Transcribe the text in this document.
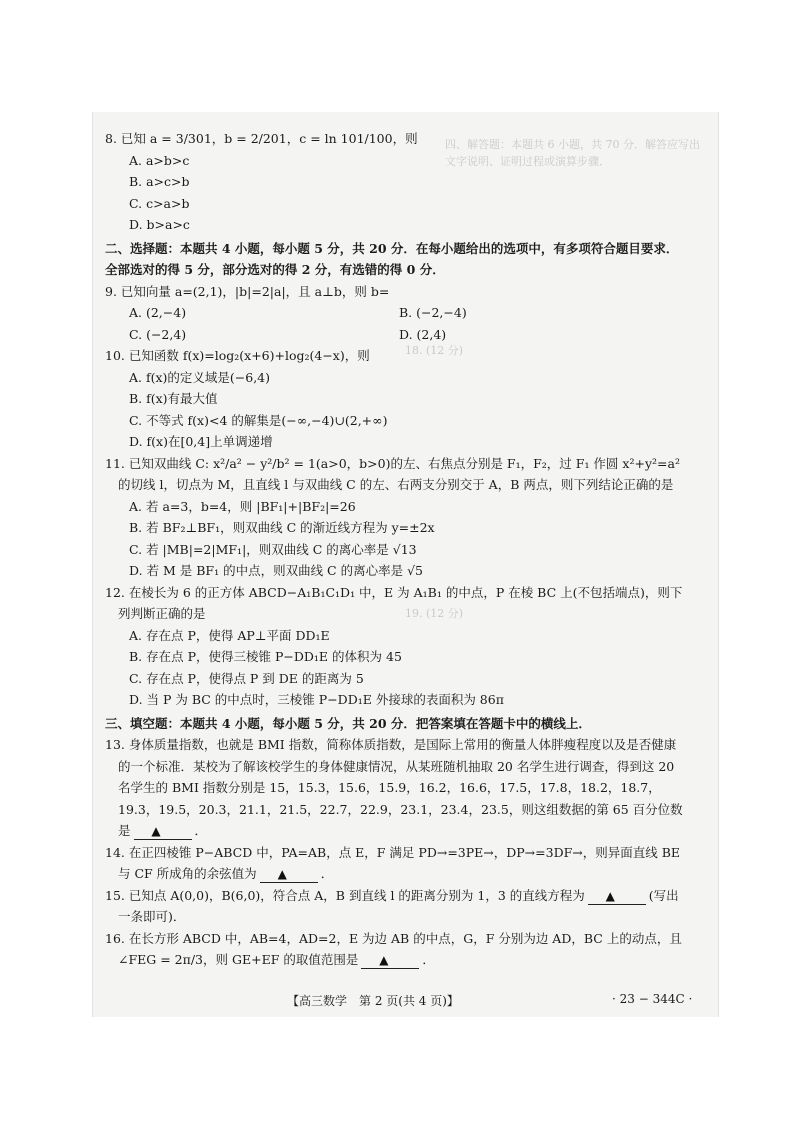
四、解答题：本题共 6 小题，共 70 分．解答应写出文字说明、证明过程或演算步骤．
18. (12 分)
19. (12 分)

8. 已知 a = 3/301，b = 2/201，c = ln 101/100，则

A. a>b>c

B. a>c>b

C. c>a>b

D. b>a>c

二、选择题：本题共 4 小题，每小题 5 分，共 20 分．在每小题给出的选项中，有多项符合题目要求．全部选对的得 5 分，部分选对的得 2 分，有选错的得 0 分．

9. 已知向量 a=(2,1)，|b|=2|a|，且 a⊥b，则 b=

A. (2,−4)	B. (−2,−4)

C. (−2,4)	D. (2,4)

10. 已知函数 f(x)=log₂(x+6)+log₂(4−x)，则

A. f(x)的定义域是(−6,4)

B. f(x)有最大值

C. 不等式 f(x)<4 的解集是(−∞,−4)∪(2,+∞)

D. f(x)在[0,4]上单调递增

11. 已知双曲线 C: x²/a² − y²/b² = 1(a>0，b>0)的左、右焦点分别是 F₁，F₂，过 F₁ 作圆 x²+y²=a² 的切线 l，切点为 M，且直线 l 与双曲线 C 的左、右两支分别交于 A，B 两点，则下列结论正确的是

A. 若 a=3，b=4，则 |BF₁|+|BF₂|=26

B. 若 BF₂⊥BF₁，则双曲线 C 的渐近线方程为 y=±2x

C. 若 |MB|=2|MF₁|，则双曲线 C 的离心率是 √13

D. 若 M 是 BF₁ 的中点，则双曲线 C 的离心率是 √5

12. 在棱长为 6 的正方体 ABCD−A₁B₁C₁D₁ 中，E 为 A₁B₁ 的中点，P 在棱 BC 上(不包括端点)，则下列判断正确的是

A. 存在点 P，使得 AP⊥平面 DD₁E

B. 存在点 P，使得三棱锥 P−DD₁E 的体积为 45

C. 存在点 P，使得点 P 到 DE 的距离为 5

D. 当 P 为 BC 的中点时，三棱锥 P−DD₁E 外接球的表面积为 86π

三、填空题：本题共 4 小题，每小题 5 分，共 20 分．把答案填在答题卡中的横线上．

13. 身体质量指数，也就是 BMI 指数，简称体质指数，是国际上常用的衡量人体胖瘦程度以及是否健康的一个标准．某校为了解该校学生的身体健康情况，从某班随机抽取 20 名学生进行调查，得到这 20 名学生的 BMI 指数分别是 15，15.3，15.6，15.9，16.2，16.6，17.5，17.8，18.2，18.7，19.3，19.5，20.3，21.1，21.5，22.7，22.9，23.1，23.4，23.5，则这组数据的第 65 百分位数是 ▲	．

14. 在正四棱锥 P−ABCD 中，PA=AB，点 E，F 满足 PD→=3PE→，DP→=3DF→，则异面直线 BE 与 CF 所成角的余弦值为 ▲	．

15. 已知点 A(0,0)，B(6,0)，符合点 A，B 到直线 l 的距离分别为 1，3 的直线方程为 ▲	(写出一条即可)．

16. 在长方形 ABCD 中，AB=4，AD=2，E 为边 AB 的中点，G，F 分别为边 AD，BC 上的动点，且∠FEG = 2π/3，则 GE+EF 的取值范围是 ▲	．

【高三数学　第 2 页(共 4 页)】	· 23 − 344C ·
